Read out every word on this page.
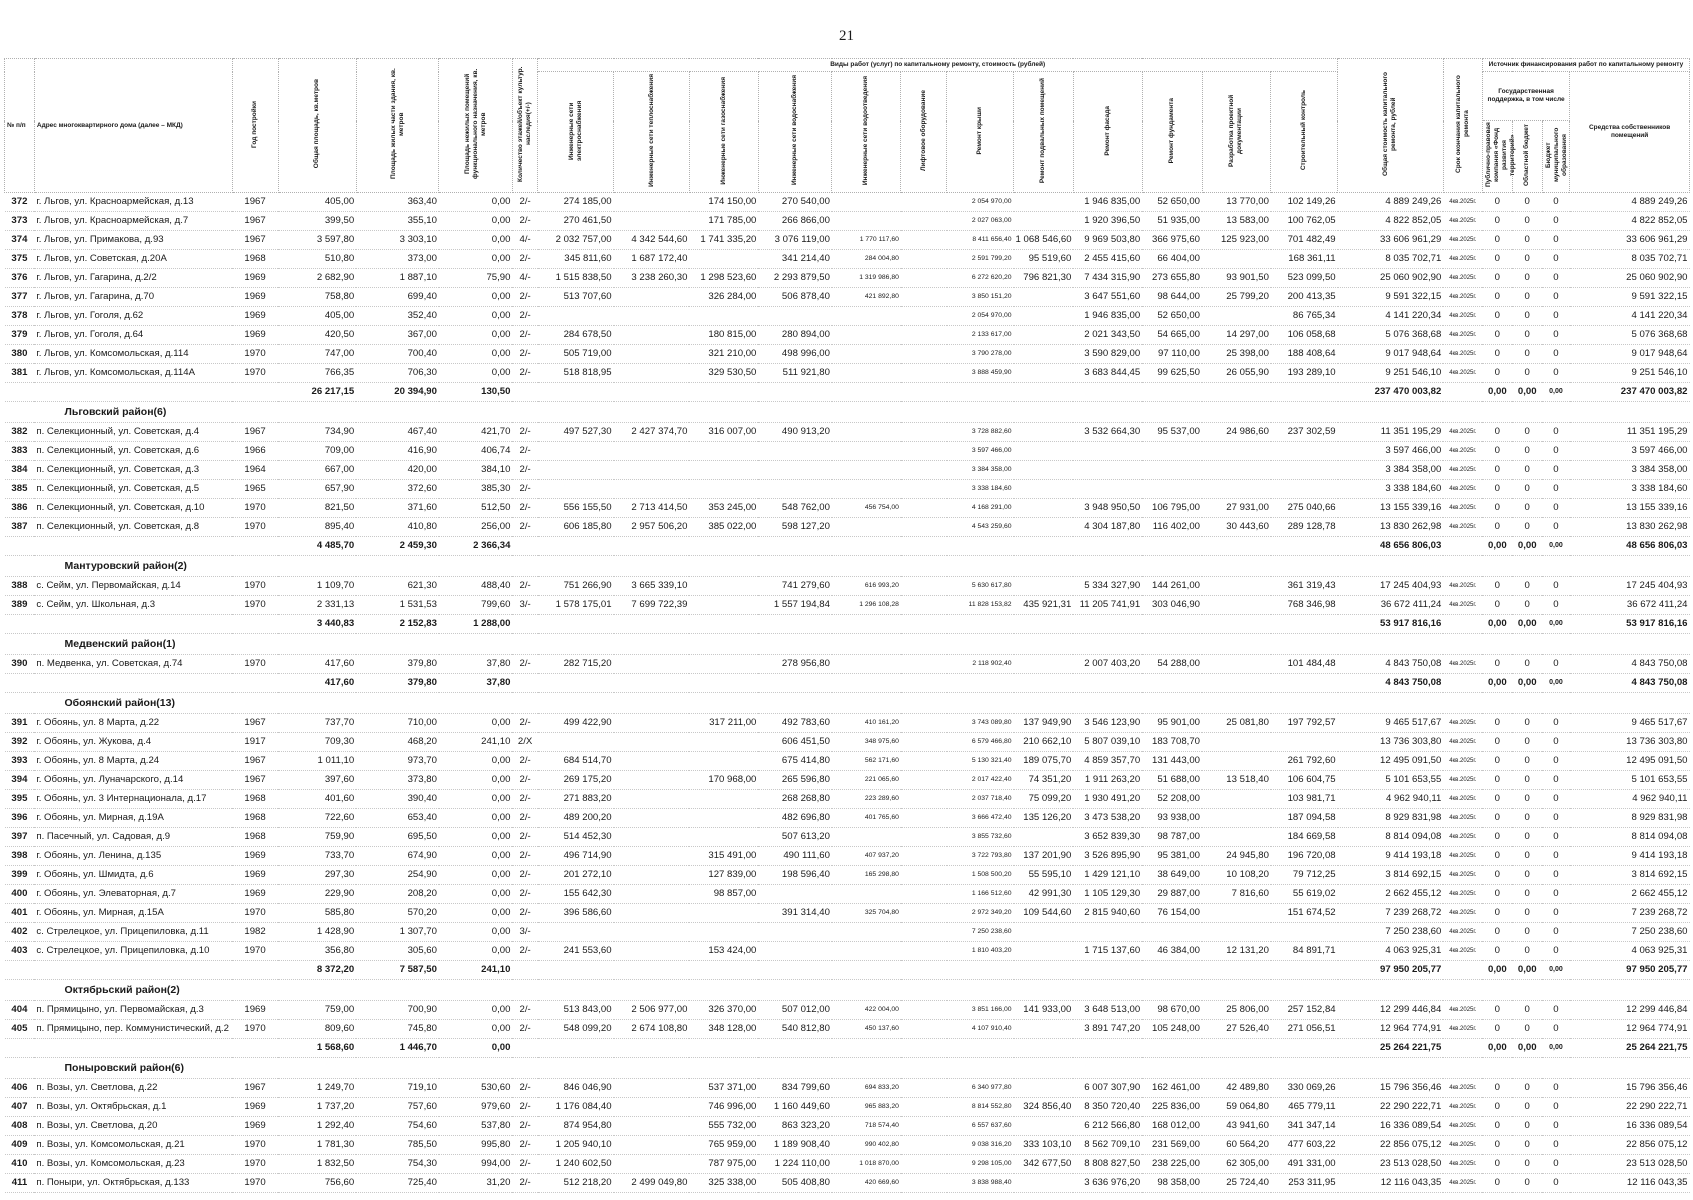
21
№ п/п	Адрес многоквартирного дома (далее – МКД)	Год постройки	Общая площадь, кв.метров	Площадь жилых части здания, кв. метров	Площадь нежилых помещений функционального назначения, кв. метров	Количество этажей/объект культур. наследия(+/-)	Виды работ (услуг) по капитальному ремонту, стоимость (рублей)												Общая стоимость капитального ремонта, рублей	Срок окончания капитального ремонта	Источник финансирования работ по капитальному ремонту			
							Инженерные сети электроснабжения	Инженерные сети теплоснабжения	Инженерные сети газоснабжения	Инженерные сети водоснабжения	Инженерные сети водоотведения	Лифтовое оборудование	Ремонт крыши	Ремонт подвальных помещений	Ремонт фасада	Ремонт фундамента	Разработка проектной документации	Строительный контроль			Государственная поддержка, в том числе			Средства собственников помещений
																					Публично-правовая компания «Фонд развития территорий»	Областной бюджет	Бюджет муниципального образования	
372	г. Льгов, ул. Красноармейская, д.13	1967	405,00	363,40	0,00	2/-	274 185,00		174 150,00	270 540,00			2 054 970,00		1 946 835,00	52 650,00	13 770,00	102 149,26	4 889 249,26	4кв.2025г.	0	0	0	4 889 249,26
373	г. Льгов, ул. Красноармейская, д.7	1967	399,50	355,10	0,00	2/-	270 461,50		171 785,00	266 866,00			2 027 063,00		1 920 396,50	51 935,00	13 583,00	100 762,05	4 822 852,05	4кв.2025г.	0	0	0	4 822 852,05
374	г. Льгов, ул. Примакова, д.93	1967	3 597,80	3 303,10	0,00	4/-	2 032 757,00	4 342 544,60	1 741 335,20	3 076 119,00	1 770 117,60		8 411 656,40	1 068 546,60	9 969 503,80	366 975,60	125 923,00	701 482,49	33 606 961,29	4кв.2025г.	0	0	0	33 606 961,29
375	г. Льгов, ул. Советская, д.20А	1968	510,80	373,00	0,00	2/-	345 811,60	1 687 172,40		341 214,40	284 004,80		2 591 799,20	95 519,60	2 455 415,60	66 404,00		168 361,11	8 035 702,71	4кв.2025г.	0	0	0	8 035 702,71
376	г. Льгов, ул. Гагарина, д.2/2	1969	2 682,90	1 887,10	75,90	4/-	1 515 838,50	3 238 260,30	1 298 523,60	2 293 879,50	1 319 986,80		6 272 620,20	796 821,30	7 434 315,90	273 655,80	93 901,50	523 099,50	25 060 902,90	4кв.2025г.	0	0	0	25 060 902,90
377	г. Льгов, ул. Гагарина, д.70	1969	758,80	699,40	0,00	2/-	513 707,60		326 284,00	506 878,40	421 892,80		3 850 151,20		3 647 551,60	98 644,00	25 799,20	200 413,35	9 591 322,15	4кв.2025г.	0	0	0	9 591 322,15
378	г. Льгов, ул. Гоголя, д.62	1969	405,00	352,40	0,00	2/-							2 054 970,00		1 946 835,00	52 650,00		86 765,34	4 141 220,34	4кв.2025г.	0	0	0	4 141 220,34
379	г. Льгов, ул. Гоголя, д.64	1969	420,50	367,00	0,00	2/-	284 678,50		180 815,00	280 894,00			2 133 617,00		2 021 343,50	54 665,00	14 297,00	106 058,68	5 076 368,68	4кв.2025г.	0	0	0	5 076 368,68
380	г. Льгов, ул. Комсомольская, д.114	1970	747,00	700,40	0,00	2/-	505 719,00		321 210,00	498 996,00			3 790 278,00		3 590 829,00	97 110,00	25 398,00	188 408,64	9 017 948,64	4кв.2025г.	0	0	0	9 017 948,64
381	г. Льгов, ул. Комсомольская, д.114А	1970	766,35	706,30	0,00	2/-	518 818,95		329 530,50	511 921,80			3 888 459,90		3 683 844,45	99 625,50	26 055,90	193 289,10	9 251 546,10	4кв.2025г.	0	0	0	9 251 546,10
			26 217,15	20 394,90	130,50														237 470 003,82		0,00	0,00	0,00	237 470 003,82
Льговский район(6)																								
382	п. Селекционный, ул. Советская, д.4	1967	734,90	467,40	421,70	2/-	497 527,30	2 427 374,70	316 007,00	490 913,20			3 728 882,60		3 532 664,30	95 537,00	24 986,60	237 302,59	11 351 195,29	4кв.2025г.	0	0	0	11 351 195,29
383	п. Селекционный, ул. Советская, д.6	1966	709,00	416,90	406,74	2/-							3 597 466,00						3 597 466,00	4кв.2025г.	0	0	0	3 597 466,00
384	п. Селекционный, ул. Советская, д.3	1964	667,00	420,00	384,10	2/-							3 384 358,00						3 384 358,00	4кв.2025г.	0	0	0	3 384 358,00
385	п. Селекционный, ул. Советская, д.5	1965	657,90	372,60	385,30	2/-							3 338 184,60						3 338 184,60	4кв.2025г.	0	0	0	3 338 184,60
386	п. Селекционный, ул. Советская, д.10	1970	821,50	371,60	512,50	2/-	556 155,50	2 713 414,50	353 245,00	548 762,00	456 754,00		4 168 291,00		3 948 950,50	106 795,00	27 931,00	275 040,66	13 155 339,16	4кв.2025г.	0	0	0	13 155 339,16
387	п. Селекционный, ул. Советская, д.8	1970	895,40	410,80	256,00	2/-	606 185,80	2 957 506,20	385 022,00	598 127,20			4 543 259,60		4 304 187,80	116 402,00	30 443,60	289 128,78	13 830 262,98	4кв.2025г.	0	0	0	13 830 262,98
			4 485,70	2 459,30	2 366,34														48 656 806,03		0,00	0,00	0,00	48 656 806,03
Мантуровский район(2)																								
388	с. Сейм, ул. Первомайская, д.14	1970	1 109,70	621,30	488,40	2/-	751 266,90	3 665 339,10		741 279,60	616 993,20		5 630 617,80		5 334 327,90	144 261,00		361 319,43	17 245 404,93	4кв.2025г.	0	0	0	17 245 404,93
389	с. Сейм, ул. Школьная, д.3	1970	2 331,13	1 531,53	799,60	3/-	1 578 175,01	7 699 722,39		1 557 194,84	1 296 108,28		11 828 153,82	435 921,31	11 205 741,91	303 046,90		768 346,98	36 672 411,24	4кв.2025г.	0	0	0	36 672 411,24
			3 440,83	2 152,83	1 288,00														53 917 816,16		0,00	0,00	0,00	53 917 816,16
Медвенский район(1)																								
390	п. Медвенка, ул. Советская, д.74	1970	417,60	379,80	37,80	2/-	282 715,20			278 956,80			2 118 902,40		2 007 403,20	54 288,00		101 484,48	4 843 750,08	4кв.2025г.	0	0	0	4 843 750,08
			417,60	379,80	37,80														4 843 750,08		0,00	0,00	0,00	4 843 750,08
Обоянский район(13)																								
391	г. Обоянь, ул. 8 Марта, д.22	1967	737,70	710,00	0,00	2/-	499 422,90		317 211,00	492 783,60	410 161,20		3 743 089,80	137 949,90	3 546 123,90	95 901,00	25 081,80	197 792,57	9 465 517,67	4кв.2025г.	0	0	0	9 465 517,67
392	г. Обоянь, ул. Жукова, д.4	1917	709,30	468,20	241,10	2/X				606 451,50	348 975,60		6 579 466,80	210 662,10	5 807 039,10	183 708,70			13 736 303,80	4кв.2025г.	0	0	0	13 736 303,80
393	г. Обоянь, ул. 8 Марта, д.24	1967	1 011,10	973,70	0,00	2/-	684 514,70			675 414,80	562 171,60		5 130 321,40	189 075,70	4 859 357,70	131 443,00		261 792,60	12 495 091,50	4кв.2025г.	0	0	0	12 495 091,50
394	г. Обоянь, ул. Луначарского, д.14	1967	397,60	373,80	0,00	2/-	269 175,20		170 968,00	265 596,80	221 065,60		2 017 422,40	74 351,20	1 911 263,20	51 688,00	13 518,40	106 604,75	5 101 653,55	4кв.2025г.	0	0	0	5 101 653,55
395	г. Обоянь, ул. 3 Интернационала, д.17	1968	401,60	390,40	0,00	2/-	271 883,20			268 268,80	223 289,60		2 037 718,40	75 099,20	1 930 491,20	52 208,00		103 981,71	4 962 940,11	4кв.2025г.	0	0	0	4 962 940,11
396	г. Обоянь, ул. Мирная, д.19А	1968	722,60	653,40	0,00	2/-	489 200,20			482 696,80	401 765,60		3 666 472,40	135 126,20	3 473 538,20	93 938,00		187 094,58	8 929 831,98	4кв.2025г.	0	0	0	8 929 831,98
397	п. Пасечный, ул. Садовая, д.9	1968	759,90	695,50	0,00	2/-	514 452,30			507 613,20			3 855 732,60		3 652 839,30	98 787,00		184 669,58	8 814 094,08	4кв.2025г.	0	0	0	8 814 094,08
398	г. Обоянь, ул. Ленина, д.135	1969	733,70	674,90	0,00	2/-	496 714,90		315 491,00	490 111,60	407 937,20		3 722 793,80	137 201,90	3 526 895,90	95 381,00	24 945,80	196 720,08	9 414 193,18	4кв.2025г.	0	0	0	9 414 193,18
399	г. Обоянь, ул. Шмидта, д.6	1969	297,30	254,90	0,00	2/-	201 272,10		127 839,00	198 596,40	165 298,80		1 508 500,20	55 595,10	1 429 121,10	38 649,00	10 108,20	79 712,25	3 814 692,15	4кв.2025г.	0	0	0	3 814 692,15
400	г. Обоянь, ул. Элеваторная, д.7	1969	229,90	208,20	0,00	2/-	155 642,30		98 857,00				1 166 512,60	42 991,30	1 105 129,30	29 887,00	7 816,60	55 619,02	2 662 455,12	4кв.2025г.	0	0	0	2 662 455,12
401	г. Обоянь, ул. Мирная, д.15А	1970	585,80	570,20	0,00	2/-	396 586,60			391 314,40	325 704,80		2 972 349,20	109 544,60	2 815 940,60	76 154,00		151 674,52	7 239 268,72	4кв.2025г.	0	0	0	7 239 268,72
402	с. Стрелецкое, ул. Прицепиловка, д.11	1982	1 428,90	1 307,70	0,00	3/-							7 250 238,60						7 250 238,60	4кв.2025г.	0	0	0	7 250 238,60
403	с. Стрелецкое, ул. Прицепиловка, д.10	1970	356,80	305,60	0,00	2/-	241 553,60		153 424,00				1 810 403,20		1 715 137,60	46 384,00	12 131,20	84 891,71	4 063 925,31	4кв.2025г.	0	0	0	4 063 925,31
			8 372,20	7 587,50	241,10														97 950 205,77		0,00	0,00	0,00	97 950 205,77
Октябрьский район(2)																								
404	п. Прямицыно, ул. Первомайская, д.3	1969	759,00	700,90	0,00	2/-	513 843,00	2 506 977,00	326 370,00	507 012,00	422 004,00		3 851 166,00	141 933,00	3 648 513,00	98 670,00	25 806,00	257 152,84	12 299 446,84	4кв.2025г.	0	0	0	12 299 446,84
405	п. Прямицыно, пер. Коммунистический, д.2	1970	809,60	745,80	0,00	2/-	548 099,20	2 674 108,80	348 128,00	540 812,80	450 137,60		4 107 910,40		3 891 747,20	105 248,00	27 526,40	271 056,51	12 964 774,91	4кв.2025г.	0	0	0	12 964 774,91
			1 568,60	1 446,70	0,00														25 264 221,75		0,00	0,00	0,00	25 264 221,75
Поныровский район(6)																								
406	п. Возы, ул. Светлова, д.22	1967	1 249,70	719,10	530,60	2/-	846 046,90		537 371,00	834 799,60	694 833,20		6 340 977,80		6 007 307,90	162 461,00	42 489,80	330 069,26	15 796 356,46	4кв.2025г.	0	0	0	15 796 356,46
407	п. Возы, ул. Октябрьская, д.1	1969	1 737,20	757,60	979,60	2/-	1 176 084,40		746 996,00	1 160 449,60	965 883,20		8 814 552,80	324 856,40	8 350 720,40	225 836,00	59 064,80	465 779,11	22 290 222,71	4кв.2025г.	0	0	0	22 290 222,71
408	п. Возы, ул. Светлова, д.20	1969	1 292,40	754,60	537,80	2/-	874 954,80		555 732,00	863 323,20	718 574,40		6 557 637,60		6 212 566,80	168 012,00	43 941,60	341 347,14	16 336 089,54	4кв.2025г.	0	0	0	16 336 089,54
409	п. Возы, ул. Комсомольская, д.21	1970	1 781,30	785,50	995,80	2/-	1 205 940,10		765 959,00	1 189 908,40	990 402,80		9 038 316,20	333 103,10	8 562 709,10	231 569,00	60 564,20	477 603,22	22 856 075,12	4кв.2025г.	0	0	0	22 856 075,12
410	п. Возы, ул. Комсомольская, д.23	1970	1 832,50	754,30	994,00	2/-	1 240 602,50		787 975,00	1 224 110,00	1 018 870,00		9 298 105,00	342 677,50	8 808 827,50	238 225,00	62 305,00	491 331,00	23 513 028,50	4кв.2025г.	0	0	0	23 513 028,50
411	п. Поныри, ул. Октябрьская, д.133	1970	756,60	725,40	31,20	2/-	512 218,20	2 499 049,80	325 338,00	505 408,80	420 669,60		3 838 988,40		3 636 976,20	98 358,00	25 724,40	253 311,95	12 116 043,35	4кв.2025г.	0	0	0	12 116 043,35
